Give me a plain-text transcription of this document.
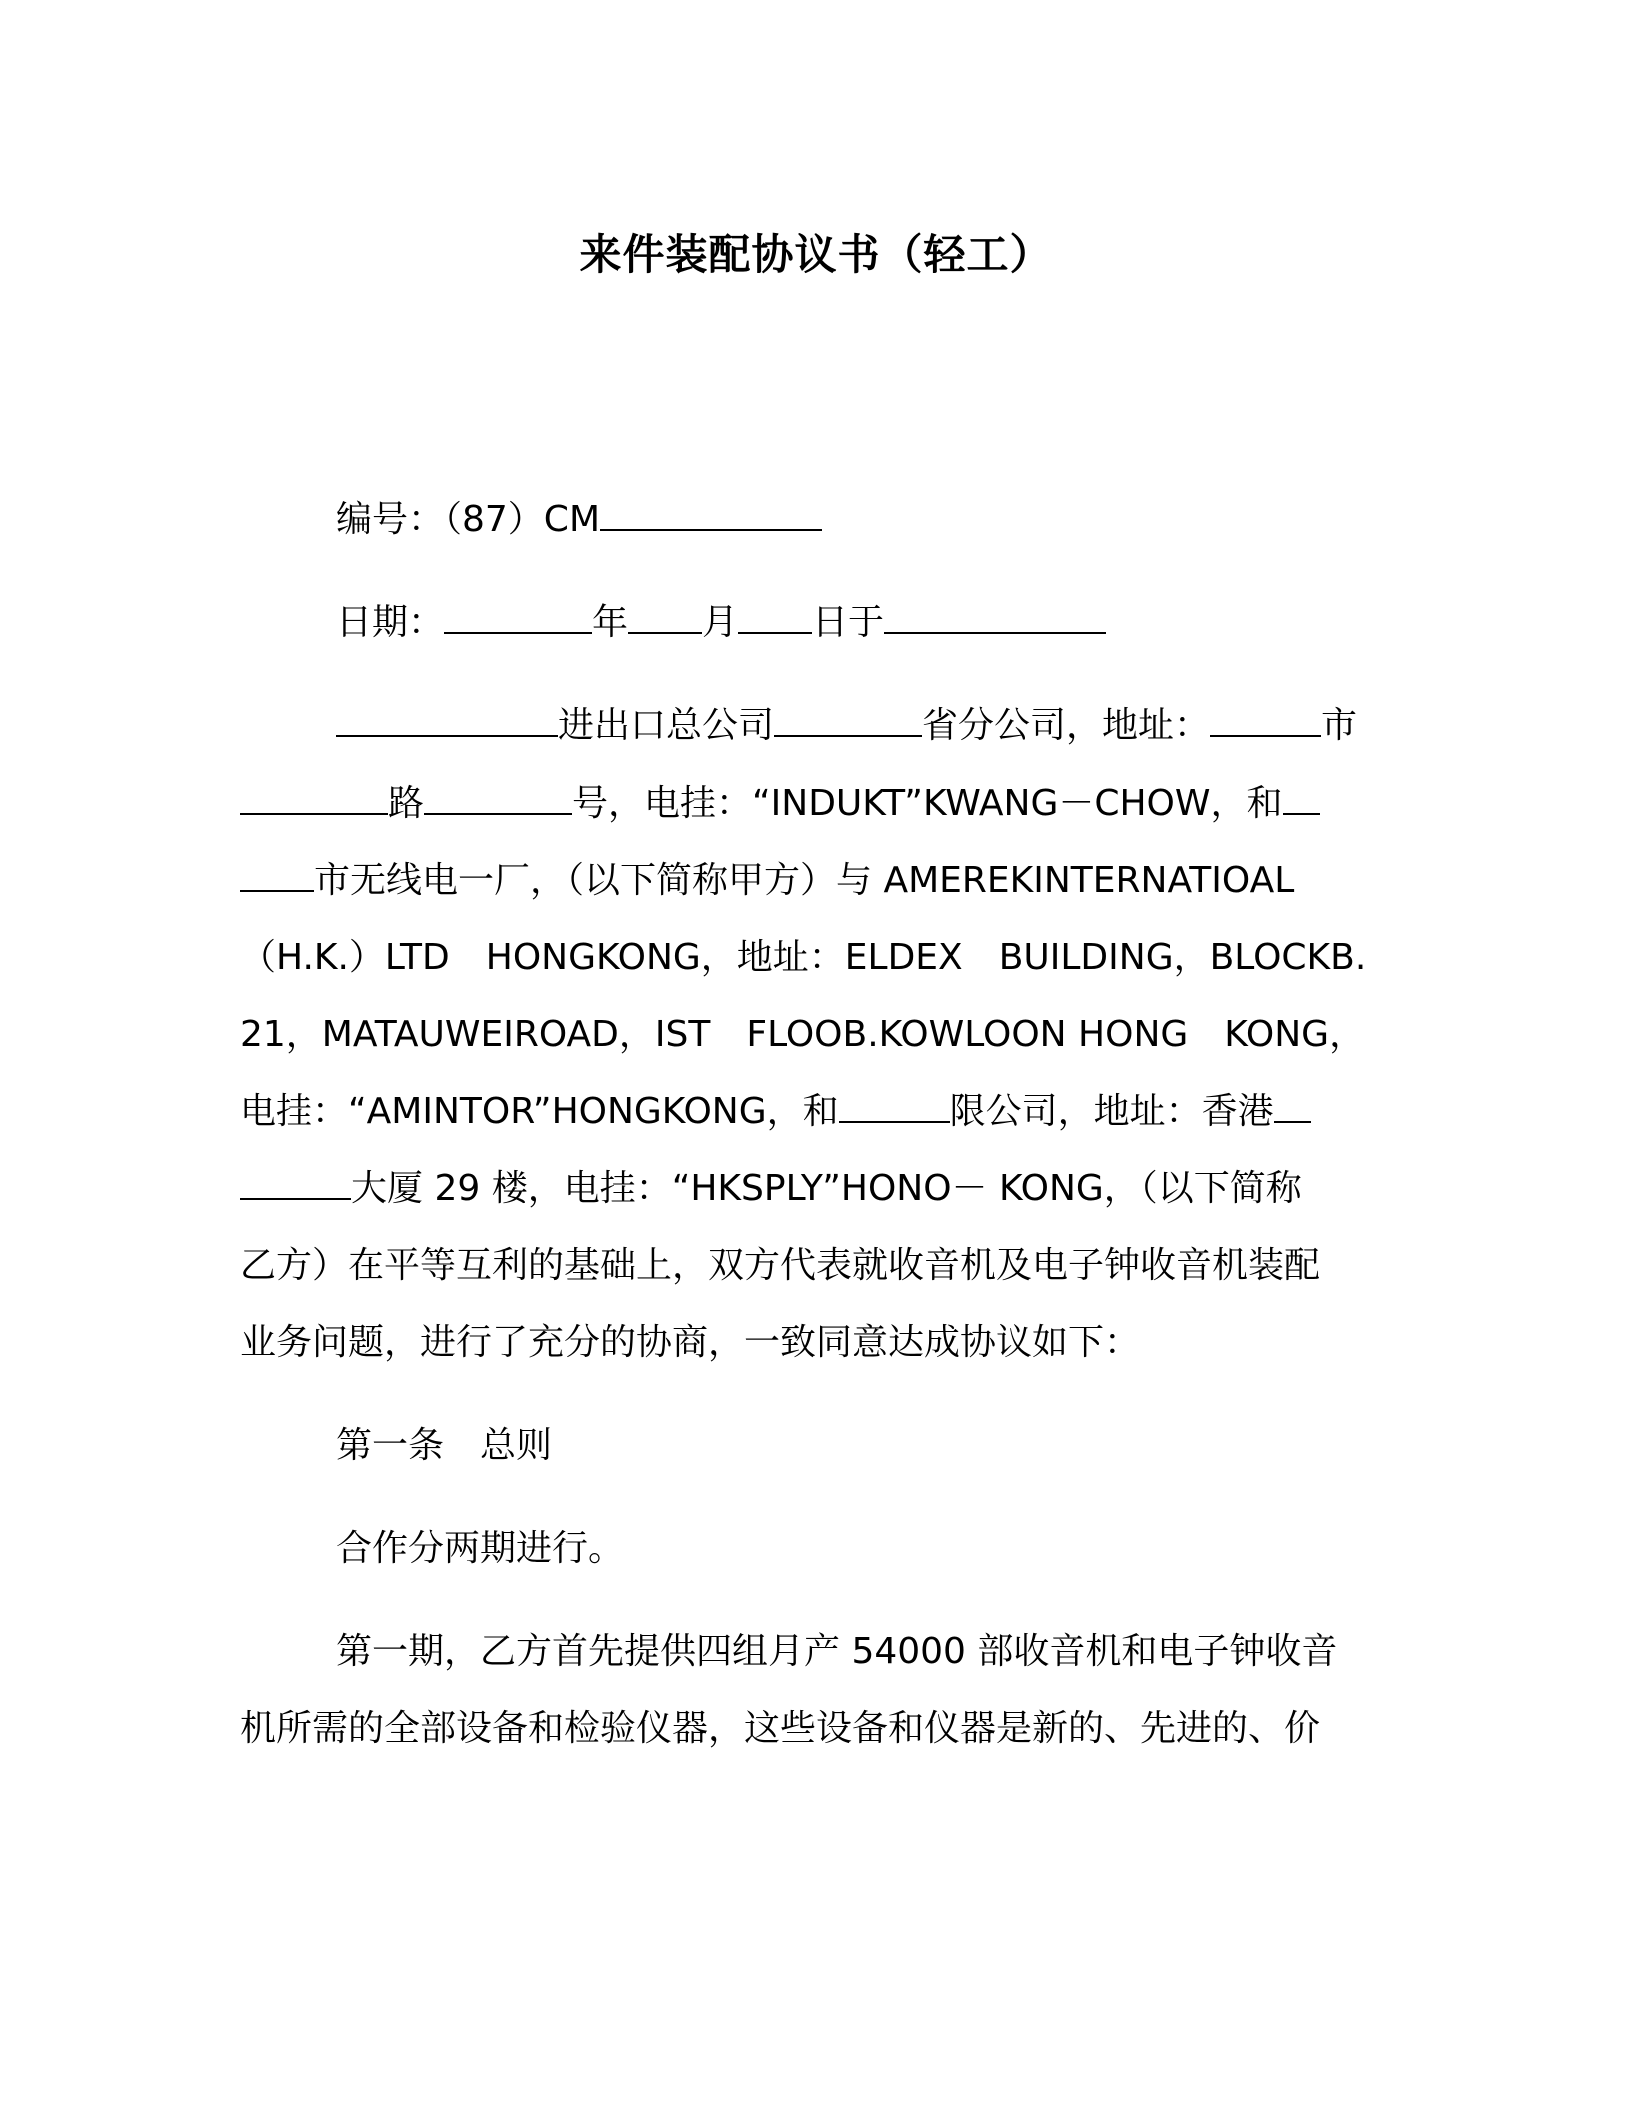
来件装配协议书（轻工）
编号：（87）CM
日期：	年 月 日于
进出口总公司	省分公司，地址：	市
路	号，电挂：“INDUKT”KWANG－CHOW，和
市无线电一厂，（以下简称甲方）与 AMEREKINTERNATIOAL
（H.K.）LTD　HONGKONG，地址：ELDEX　BUILDING，BLOCKB.
21，MATAUWEIROAD，IST　FLOOB.KOWLOON HONG　KONG，
电挂：“AMINTOR”HONGKONG，和	限公司，地址：香港
大厦 29 楼，电挂：“HKSPLY”HONO－ KONG，（以下简称
乙方）在平等互利的基础上，双方代表就收音机及电子钟收音机装配
业务问题，进行了充分的协商，一致同意达成协议如下：
第一条　总则
合作分两期进行。
第一期，乙方首先提供四组月产 54000 部收音机和电子钟收音
机所需的全部设备和检验仪器，这些设备和仪器是新的、先进的、价
